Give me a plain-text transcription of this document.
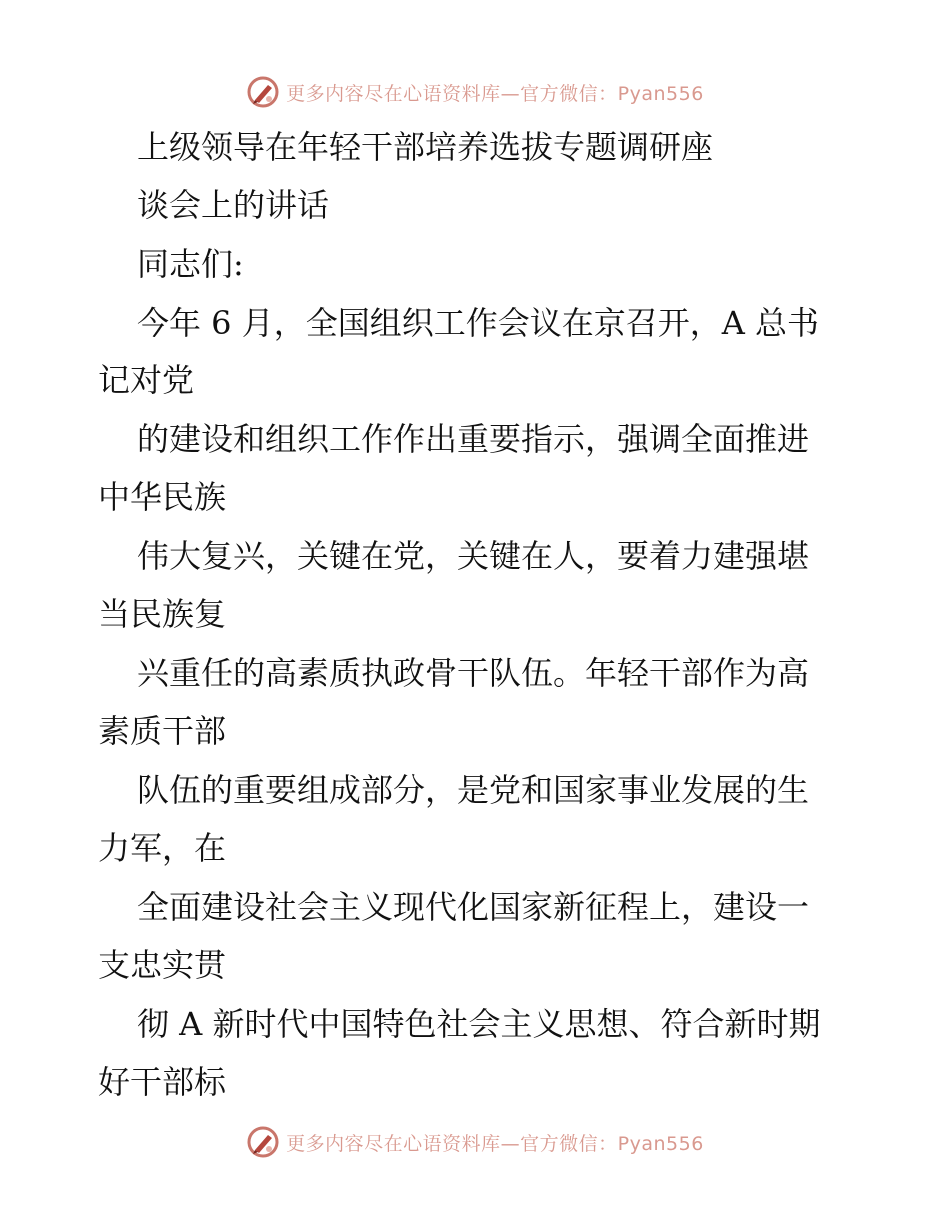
更多内容尽在心语资料库—官方微信：Pyan556
上级领导在年轻干部培养选拔专题调研座
谈会上的讲话
同志们:
今年 6 月，全国组织工作会议在京召开，A 总书
记对党
的建设和组织工作作出重要指示，强调全面推进
中华民族
伟大复兴，关键在党，关键在人，要着力建强堪
当民族复
兴重任的高素质执政骨干队伍。年轻干部作为高
素质干部
队伍的重要组成部分，是党和国家事业发展的生
力军，在
全面建设社会主义现代化国家新征程上，建设一
支忠实贯
彻 A 新时代中国特色社会主义思想、符合新时期
好干部标
更多内容尽在心语资料库—官方微信：Pyan556
